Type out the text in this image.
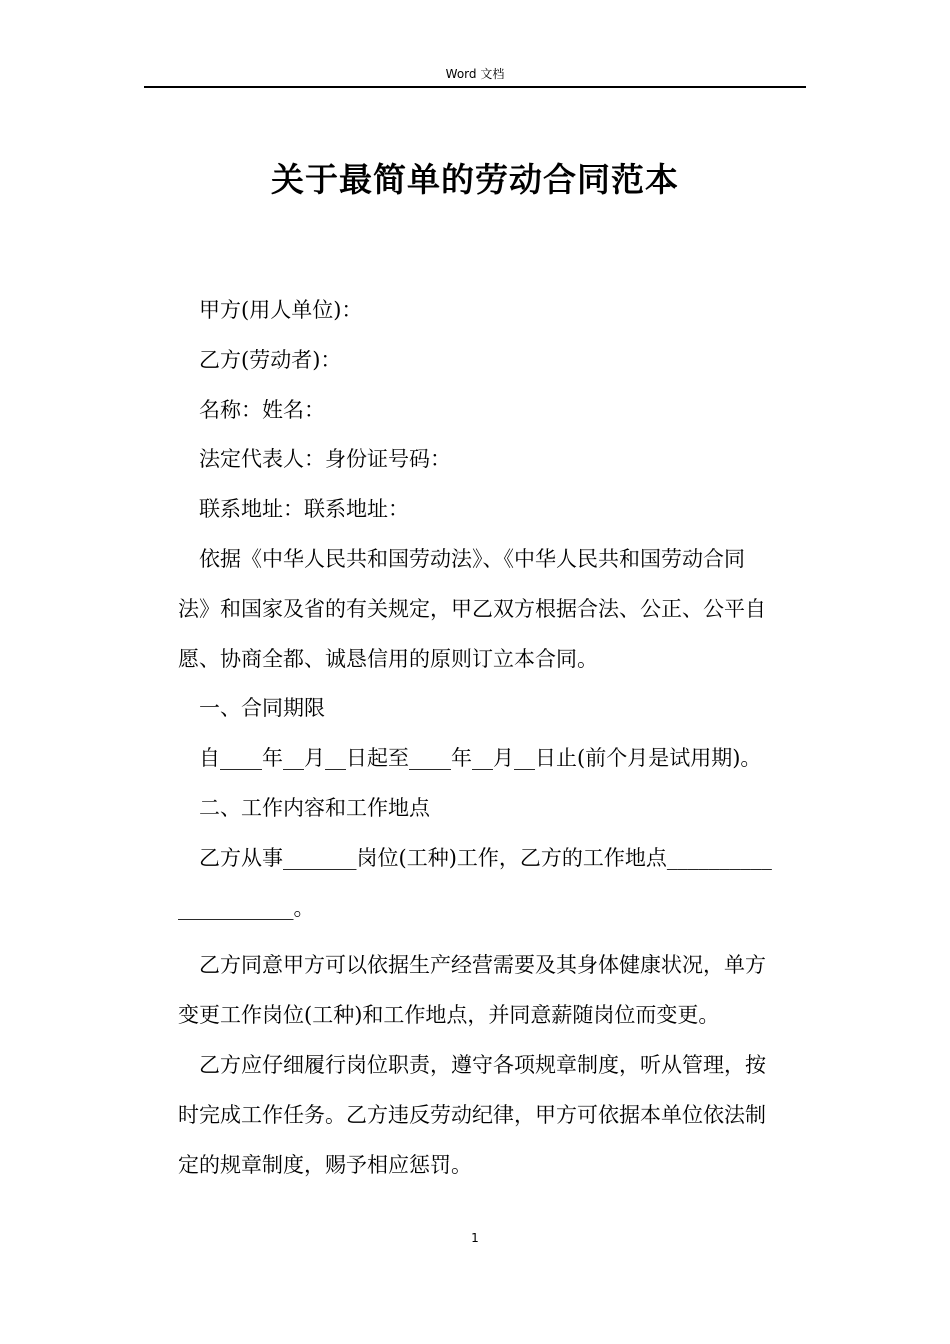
Word 文档
关于最简单的劳动合同范本
甲方(用人单位)：
乙方(劳动者)：
名称：姓名：
法定代表人：身份证号码：
联系地址：联系地址：
依据《中华人民共和国劳动法》、《中华人民共和国劳动合同
法》和国家及省的有关规定，甲乙双方根据合法、公正、公平自
愿、协商全都、诚恳信用的原则订立本合同。
一、合同期限
自____年__月__日起至____年__月__日止(前个月是试用期)。
二、工作内容和工作地点
乙方从事_______岗位(工种)工作，乙方的工作地点__________
___________。
乙方同意甲方可以依据生产经营需要及其身体健康状况，单方
变更工作岗位(工种)和工作地点，并同意薪随岗位而变更。
乙方应仔细履行岗位职责，遵守各项规章制度，听从管理，按
时完成工作任务。乙方违反劳动纪律，甲方可依据本单位依法制
定的规章制度，赐予相应惩罚。
1
